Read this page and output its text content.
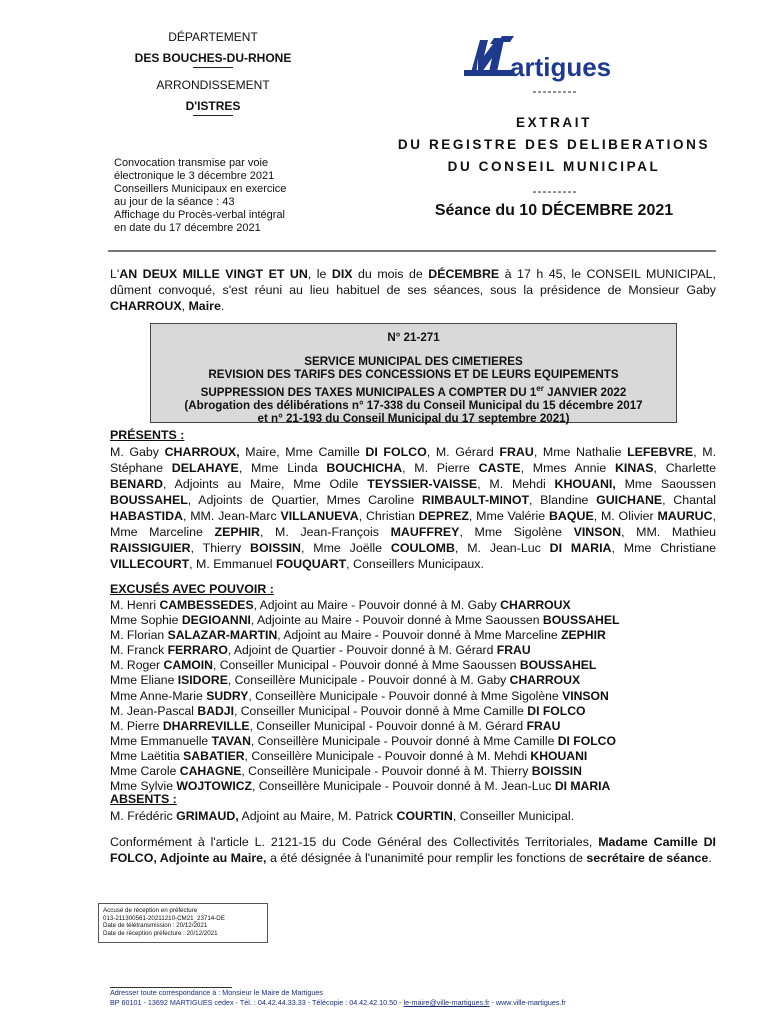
DÉPARTEMENT
DES BOUCHES-DU-RHONE
ARRONDISSEMENT
D'ISTRES
Convocation transmise par voie
électronique le 3 décembre 2021
Conseillers Municipaux en exercice
au jour de la séance : 43
Affichage du Procès-verbal intégral
en date du 17 décembre 2021
artigues
---------
EXTRAIT
DU REGISTRE DES DELIBERATIONS
DU CONSEIL MUNICIPAL
---------
Séance du 10 DÉCEMBRE 2021
L'AN DEUX MILLE VINGT ET UN, le DIX du mois de DÉCEMBRE à 17 h 45, le CONSEIL MUNICIPAL, dûment convoqué, s'est réuni au lieu habituel de ses séances, sous la présidence de Monsieur Gaby CHARROUX, Maire.
N° 21-271
SERVICE MUNICIPAL DES CIMETIERES
REVISION DES TARIFS DES CONCESSIONS ET DE LEURS EQUIPEMENTS
SUPPRESSION DES TAXES MUNICIPALES A COMPTER DU 1er JANVIER 2022
(Abrogation des délibérations n° 17-338 du Conseil Municipal du 15 décembre 2017
et n° 21-193 du Conseil Municipal du 17 septembre 2021)
PRÉSENTS :
M. Gaby CHARROUX, Maire, Mme Camille DI FOLCO, M. Gérard FRAU, Mme Nathalie LEFEBVRE, M. Stéphane DELAHAYE, Mme Linda BOUCHICHA, M. Pierre CASTE, Mmes Annie KINAS, Charlette BENARD, Adjoints au Maire, Mme Odile TEYSSIER-VAISSE, M. Mehdi KHOUANI, Mme Saoussen BOUSSAHEL, Adjoints de Quartier, Mmes Caroline RIMBAULT-MINOT, Blandine GUICHANE, Chantal HABASTIDA, MM. Jean-Marc VILLANUEVA, Christian DEPREZ, Mme Valérie BAQUE, M. Olivier MAURUC, Mme Marceline ZEPHIR, M. Jean-François MAUFFREY, Mme Sigolène VINSON, MM. Mathieu RAISSIGUIER, Thierry BOISSIN, Mme Joëlle COULOMB, M. Jean-Luc DI MARIA, Mme Christiane VILLECOURT, M. Emmanuel FOUQUART, Conseillers Municipaux.
EXCUSÉS AVEC POUVOIR :
M. Henri CAMBESSEDES, Adjoint au Maire - Pouvoir donné à M. Gaby CHARROUX
Mme Sophie DEGIOANNI, Adjointe au Maire - Pouvoir donné à Mme Saoussen BOUSSAHEL
M. Florian SALAZAR-MARTIN, Adjoint au Maire - Pouvoir donné à Mme Marceline ZEPHIR
M. Franck FERRARO, Adjoint de Quartier - Pouvoir donné à M. Gérard FRAU
M. Roger CAMOIN, Conseiller Municipal - Pouvoir donné à Mme Saoussen BOUSSAHEL
Mme Eliane ISIDORE, Conseillère Municipale - Pouvoir donné à M. Gaby CHARROUX
Mme Anne-Marie SUDRY, Conseillère Municipale - Pouvoir donné à Mme Sigolène VINSON
M. Jean-Pascal BADJI, Conseiller Municipal - Pouvoir donné à Mme Camille DI FOLCO
M. Pierre DHARREVILLE, Conseiller Municipal - Pouvoir donné à M. Gérard FRAU
Mme Emmanuelle TAVAN, Conseillère Municipale - Pouvoir donné à Mme Camille DI FOLCO
Mme Laëtitia SABATIER, Conseillère Municipale - Pouvoir donné à M. Mehdi KHOUANI
Mme Carole CAHAGNE, Conseillère Municipale - Pouvoir donné à M. Thierry BOISSIN
Mme Sylvie WOJTOWICZ, Conseillère Municipale - Pouvoir donné à M. Jean-Luc DI MARIA
ABSENTS :
M. Frédéric GRIMAUD, Adjoint au Maire, M. Patrick COURTIN, Conseiller Municipal.
Conformément à l'article L. 2121-15 du Code Général des Collectivités Territoriales, Madame Camille DI FOLCO, Adjointe au Maire, a été désignée à l'unanimité pour remplir les fonctions de secrétaire de séance.
Accusé de réception en préfecture
013-211300561-20211210-CM21_23714-DE
Date de télétransmission : 20/12/2021
Date de réception préfecture : 20/12/2021
Adresser toute correspondance à : Monsieur le Maire de Martigues
BP 60101 - 13692 MARTIGUES cedex - Tél. : 04.42.44.33.33 - Télécopie : 04.42.42.10.50 - le-maire@ville-martigues.fr - www.ville-martigues.fr
